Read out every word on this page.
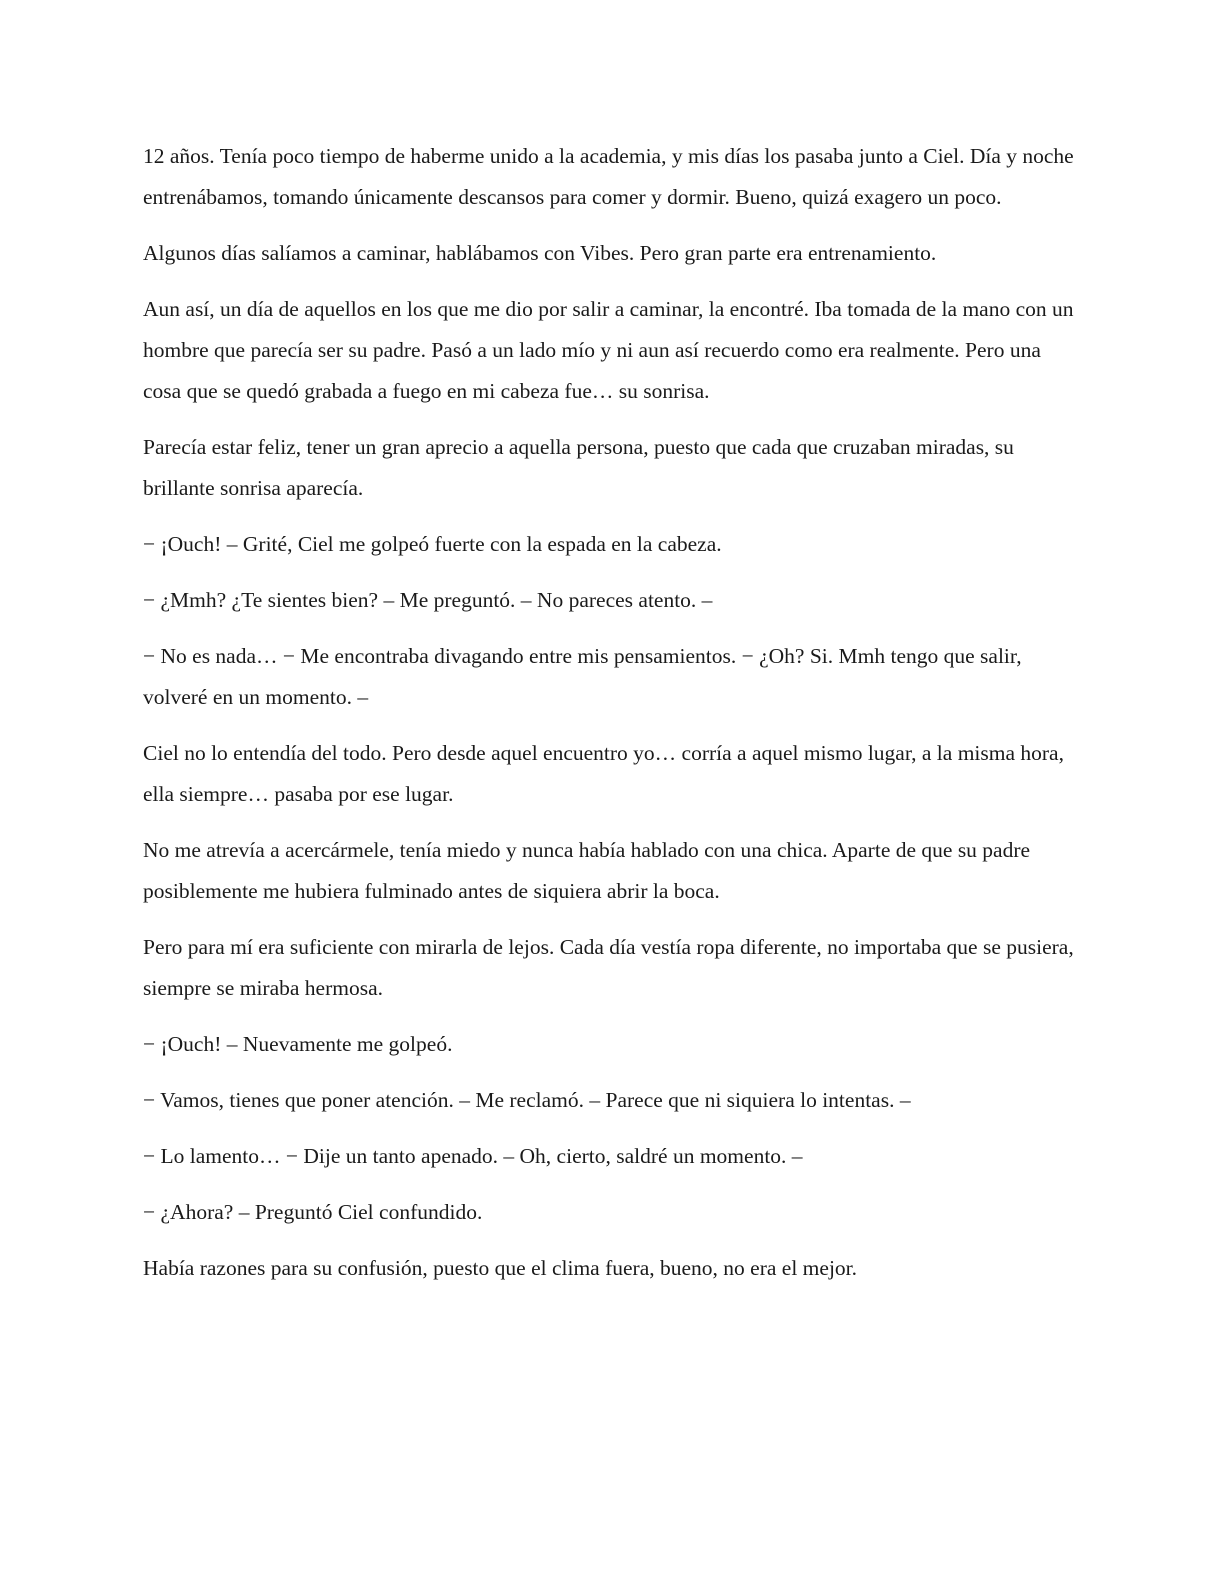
12 años. Tenía poco tiempo de haberme unido a la academia, y mis días los pasaba junto a Ciel. Día y noche entrenábamos, tomando únicamente descansos para comer y dormir. Bueno, quizá exagero un poco.

Algunos días salíamos a caminar, hablábamos con Vibes. Pero gran parte era entrenamiento.

Aun así, un día de aquellos en los que me dio por salir a caminar, la encontré. Iba tomada de la mano con un hombre que parecía ser su padre. Pasó a un lado mío y ni aun así recuerdo como era realmente. Pero una cosa que se quedó grabada a fuego en mi cabeza fue… su sonrisa.

Parecía estar feliz, tener un gran aprecio a aquella persona, puesto que cada que cruzaban miradas, su brillante sonrisa aparecía.

− ¡Ouch! – Grité, Ciel me golpeó fuerte con la espada en la cabeza.

− ¿Mmh? ¿Te sientes bien? – Me preguntó. – No pareces atento. –

− No es nada… − Me encontraba divagando entre mis pensamientos. − ¿Oh? Si. Mmh tengo que salir, volveré en un momento. –

Ciel no lo entendía del todo. Pero desde aquel encuentro yo… corría a aquel mismo lugar, a la misma hora, ella siempre… pasaba por ese lugar.

No me atrevía a acercármele, tenía miedo y nunca había hablado con una chica. Aparte de que su padre posiblemente me hubiera fulminado antes de siquiera abrir la boca.

Pero para mí era suficiente con mirarla de lejos. Cada día vestía ropa diferente, no importaba que se pusiera, siempre se miraba hermosa.

− ¡Ouch! – Nuevamente me golpeó.

− Vamos, tienes que poner atención. – Me reclamó. – Parece que ni siquiera lo intentas. –

− Lo lamento… − Dije un tanto apenado. – Oh, cierto, saldré un momento. –

− ¿Ahora? – Preguntó Ciel confundido.

Había razones para su confusión, puesto que el clima fuera, bueno, no era el mejor.
